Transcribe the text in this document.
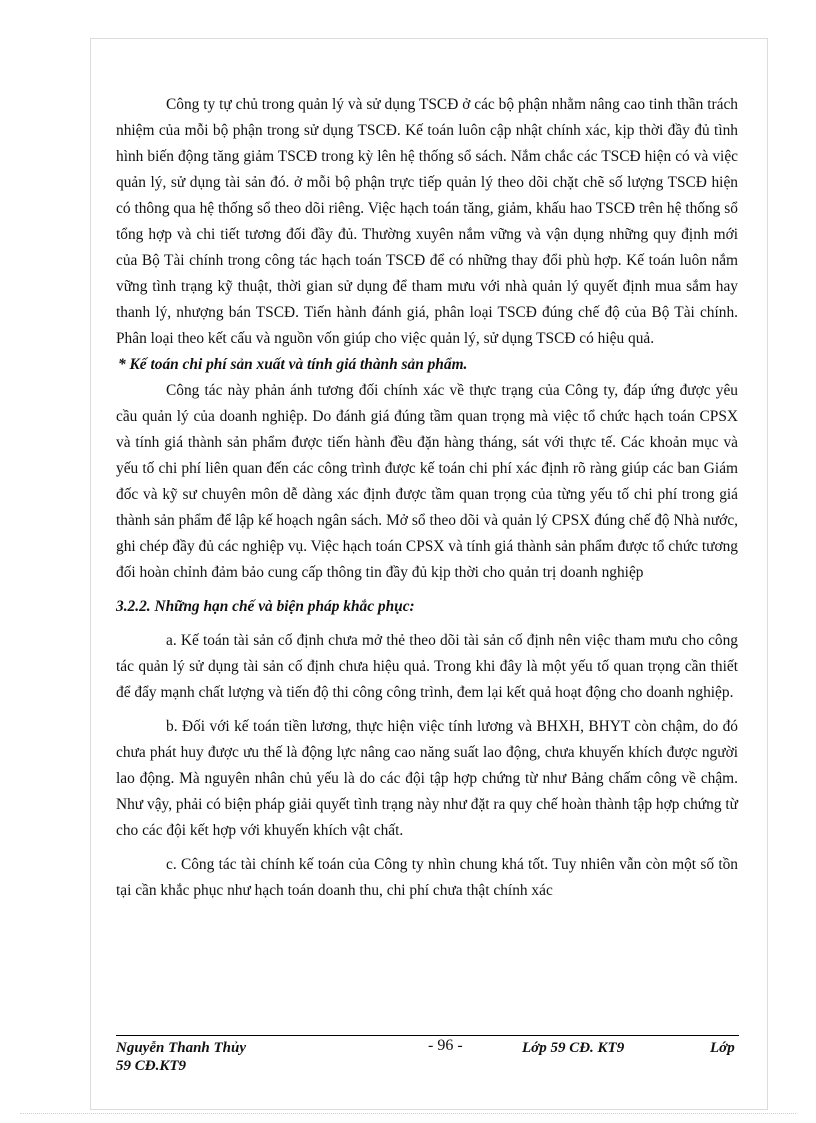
Công ty tự chủ trong quản lý và sử dụng TSCĐ ở các bộ phận nhằm nâng cao tinh thần trách nhiệm của mỗi bộ phận trong sử dụng TSCĐ. Kế toán luôn cập nhật chính xác, kịp thời đầy đủ tình hình biến động tăng giảm TSCĐ trong kỳ lên hệ thống sổ sách. Nắm chắc các TSCĐ hiện có và việc quản lý, sử dụng tài sản đó. ở mỗi bộ phận trực tiếp quản lý theo dõi chặt chẽ số lượng TSCĐ hiện có thông qua hệ thống sổ theo dõi riêng. Việc hạch toán tăng, giảm, khấu hao TSCĐ trên hệ thống sổ tổng hợp và chi tiết tương đối đầy đủ. Thường xuyên nắm vững và vận dụng những quy định mới của Bộ Tài chính trong công tác hạch toán TSCĐ để có những thay đổi phù hợp. Kế toán luôn nắm vững tình trạng kỹ thuật, thời gian sử dụng để tham mưu với nhà quản lý quyết định mua sắm hay thanh lý, nhượng bán TSCĐ. Tiến hành đánh giá, phân loại TSCĐ đúng chế độ của Bộ Tài chính. Phân loại theo kết cấu và nguồn vốn giúp cho việc quản lý, sử dụng TSCĐ có hiệu quả.

* Kế toán chi phí sản xuất và tính giá thành sản phẩm.

Công tác này phản ánh tương đối chính xác về thực trạng của Công ty, đáp ứng được yêu cầu quản lý của doanh nghiệp. Do đánh giá đúng tầm quan trọng mà việc tổ chức hạch toán CPSX và tính giá thành sản phẩm được tiến hành đều đặn hàng tháng, sát với thực tế. Các khoản mục và yếu tố chi phí liên quan đến các công trình được kế toán chi phí xác định rõ ràng giúp các ban Giám đốc và kỹ sư chuyên môn dễ dàng xác định được tầm quan trọng của từng yếu tố chi phí trong giá thành sản phẩm để lập kế hoạch ngân sách. Mở sổ theo dõi và quản lý CPSX đúng chế độ Nhà nước, ghi chép đầy đủ các nghiệp vụ. Việc hạch toán CPSX và tính giá thành sản phẩm được tổ chức tương đối hoàn chỉnh đảm bảo cung cấp thông tin đầy đủ kịp thời cho quản trị doanh nghiệp

3.2.2. Những hạn chế và biện pháp khắc phục:

a. Kế toán tài sản cố định chưa mở thẻ theo dõi tài sản cố định nên việc tham mưu cho công tác quản lý sử dụng tài sản cố định chưa hiệu quả. Trong khi đây là một yếu tố quan trọng cần thiết để đẩy mạnh chất lượng và tiến độ thi công công trình, đem lại kết quả hoạt động cho doanh nghiệp.

b. Đối với kế toán tiền lương, thực hiện việc tính lương và BHXH, BHYT còn chậm, do đó chưa phát huy được ưu thế là động lực nâng cao năng suất lao động, chưa khuyến khích được người lao động. Mà nguyên nhân chủ yếu là do các đội tập hợp chứng từ như Bảng chấm công về chậm. Như vậy, phải có biện pháp giải quyết tình trạng này như đặt ra quy chế hoàn thành tập hợp chứng từ cho các đội kết hợp với khuyến khích vật chất.

c. Công tác tài chính kế toán của Công ty nhìn chung khá tốt. Tuy nhiên vẫn còn một số tồn tại cần khắc phục như hạch toán doanh thu, chi phí chưa thật chính xác

Nguyễn Thanh Thủy	- 96 -	Lớp 59 CĐ. KT9	Lớp
59 CĐ.KT9
